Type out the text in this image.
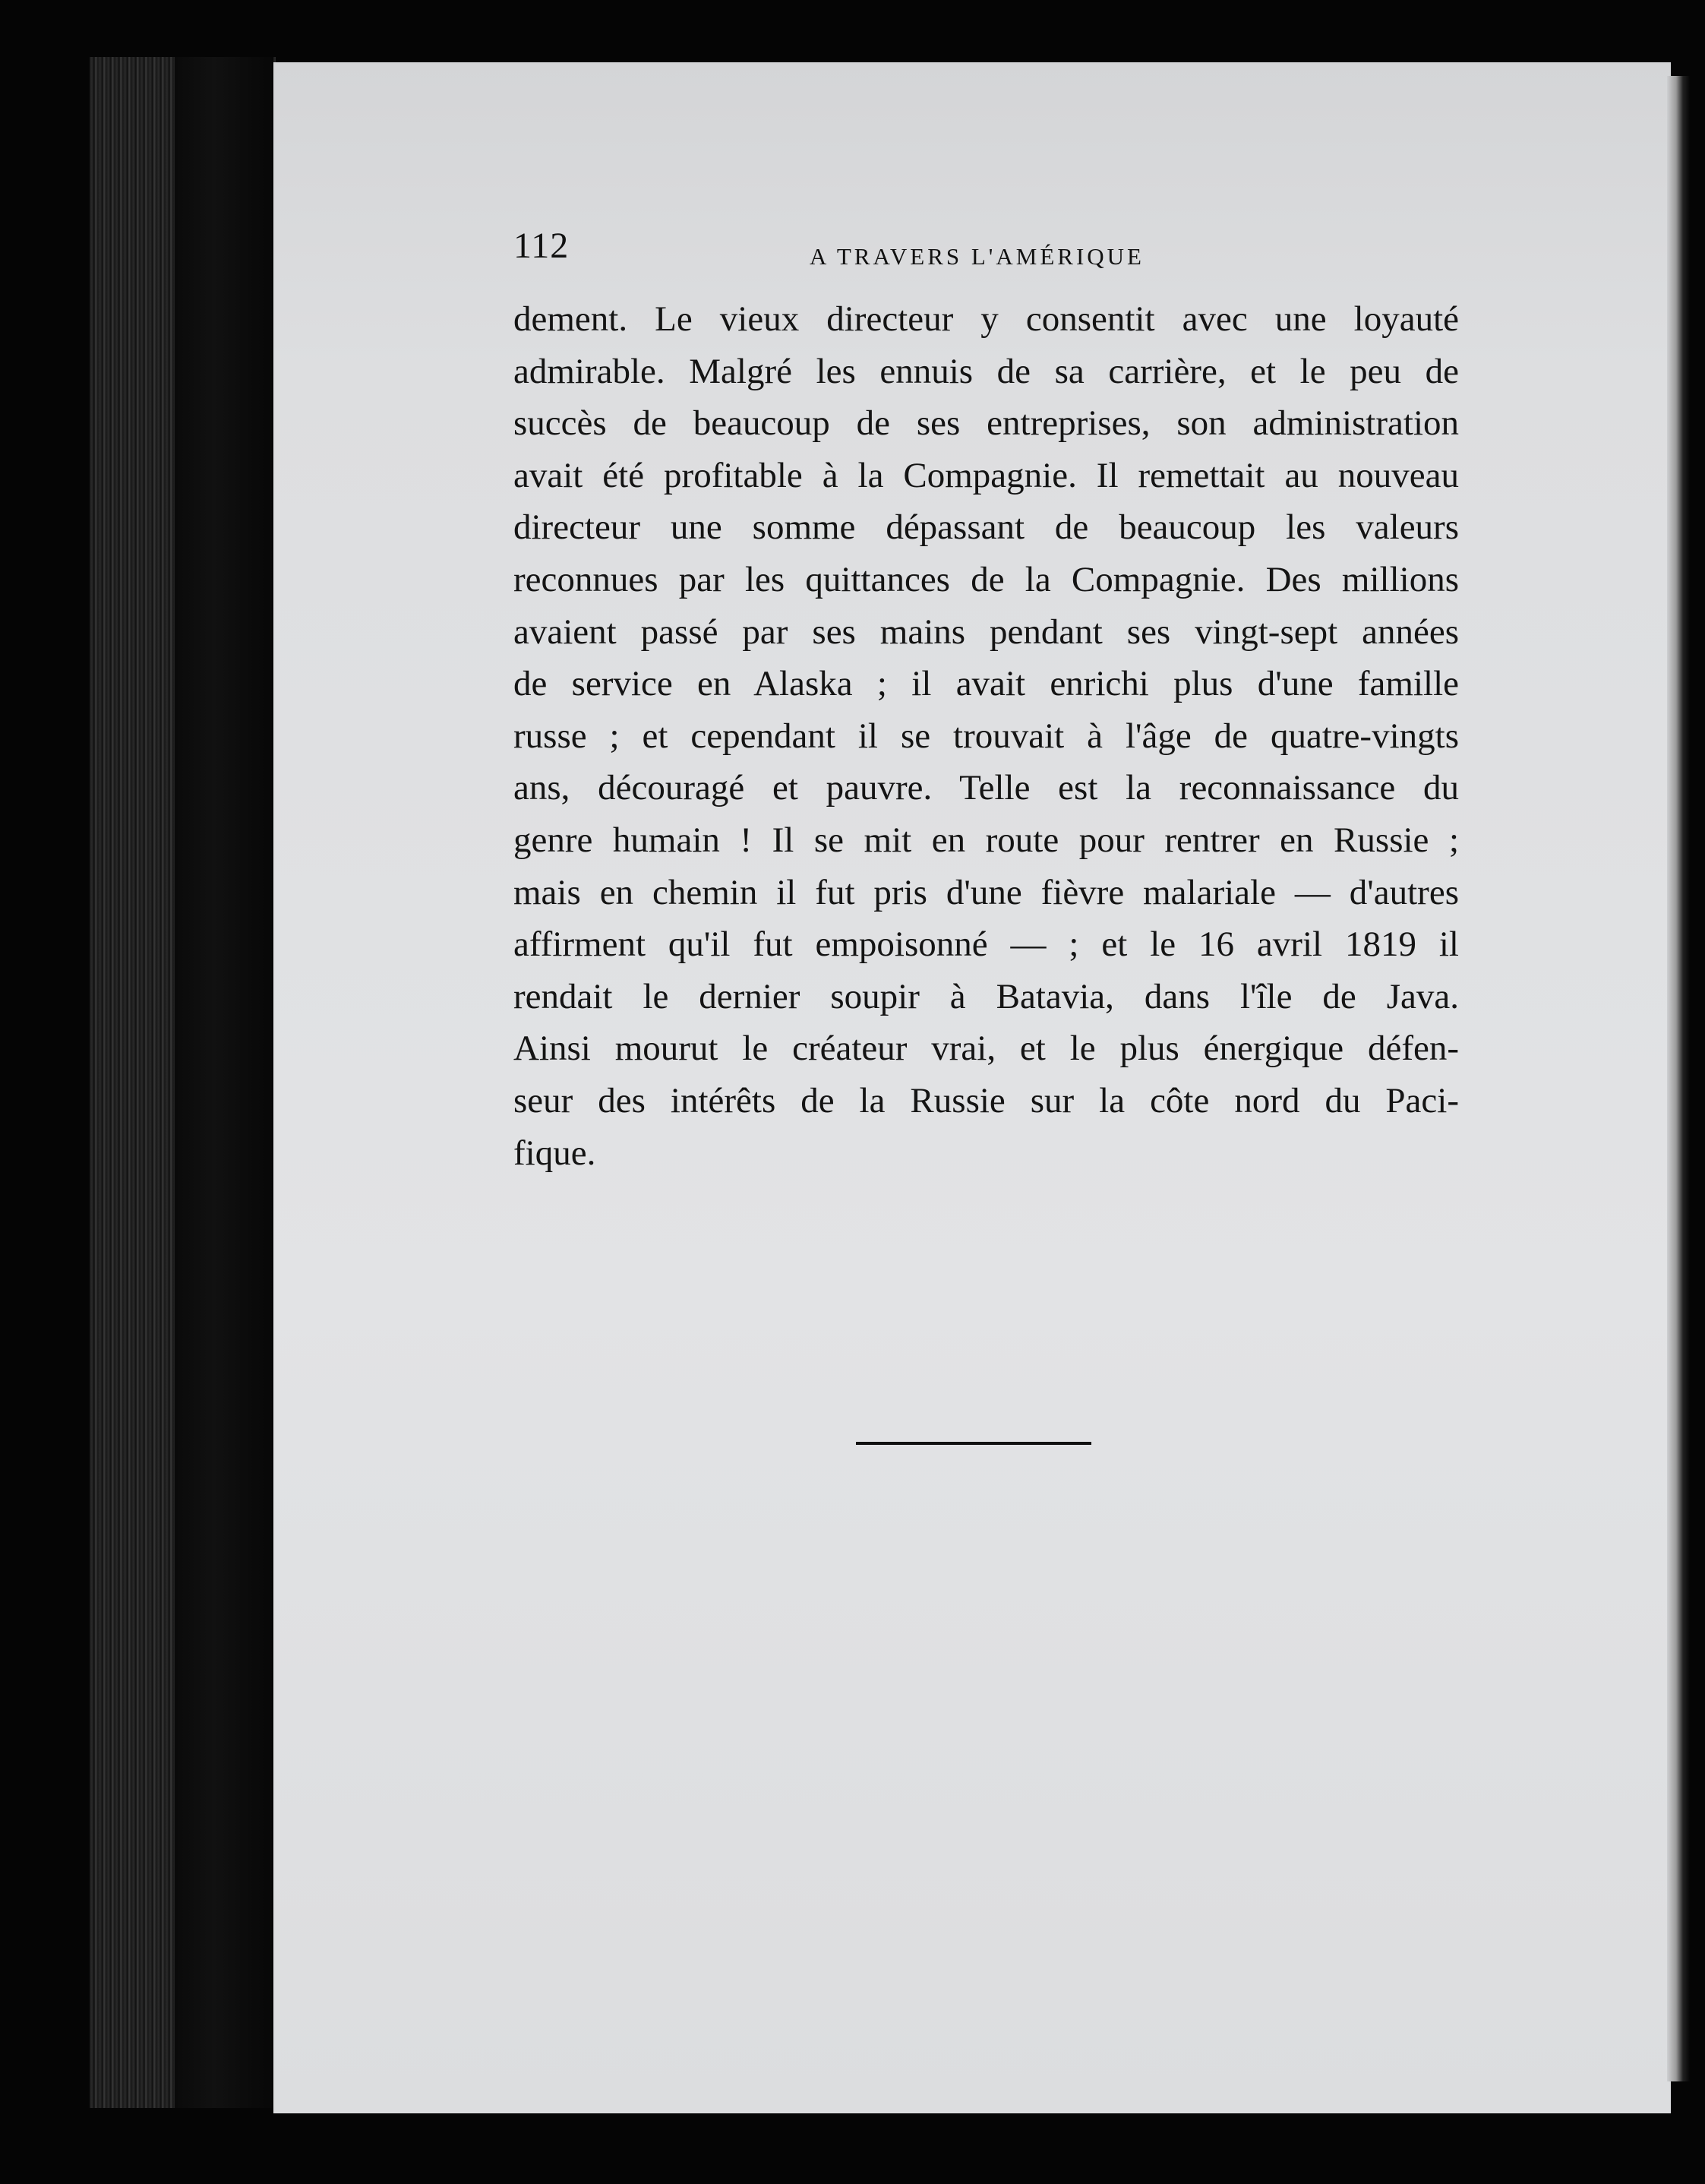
112	A TRAVERS L'AMÉRIQUE
dement. Le vieux directeur y consentit avec une loyauté
admirable. Malgré les ennuis de sa carrière, et le peu de
succès de beaucoup de ses entreprises, son administration
avait été profitable à la Compagnie. Il remettait au nouveau
directeur une somme dépassant de beaucoup les valeurs
reconnues par les quittances de la Compagnie. Des millions
avaient passé par ses mains pendant ses vingt-sept années
de service en Alaska ; il avait enrichi plus d'une famille
russe ; et cependant il se trouvait à l'âge de quatre-vingts
ans, découragé et pauvre. Telle est la reconnaissance du
genre humain ! Il se mit en route pour rentrer en Russie ;
mais en chemin il fut pris d'une fièvre malariale — d'autres
affirment qu'il fut empoisonné — ; et le 16 avril 1819 il
rendait le dernier soupir à Batavia, dans l'île de Java.
Ainsi mourut le créateur vrai, et le plus énergique défen-
seur des intérêts de la Russie sur la côte nord du Paci-
fique.
